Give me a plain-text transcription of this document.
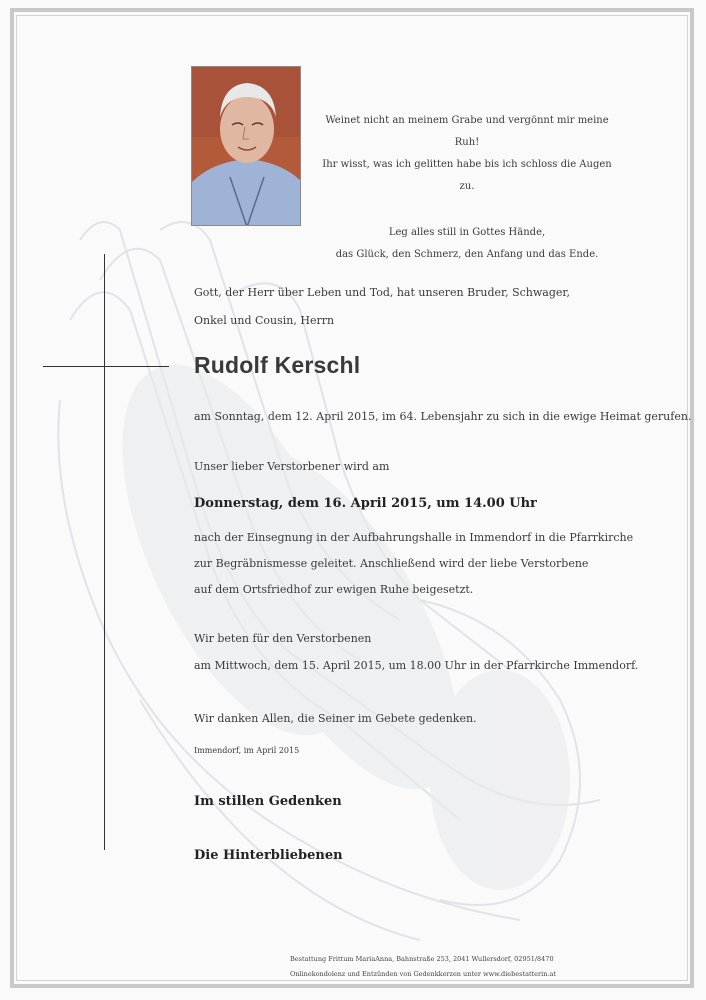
Weinet nicht an meinem Grabe und vergönnt mir meine Ruh!
Ihr wisst, was ich gelitten habe bis ich schloss die Augen zu.
Leg alles still in Gottes Hände,
das Glück, den Schmerz, den Anfang und das Ende.
Gott, der Herr über Leben und Tod, hat unseren Bruder, Schwager,
Onkel und Cousin, Herrn
Rudolf Kerschl
am Sonntag, dem 12. April 2015, im 64. Lebensjahr zu sich in die ewige Heimat gerufen.
Unser lieber Verstorbener wird am
Donnerstag, dem 16. April 2015, um 14.00 Uhr
nach der Einsegnung in der Aufbahrungshalle in Immendorf in die Pfarrkirche
zur Begräbnismesse geleitet. Anschließend wird der liebe Verstorbene
auf dem Ortsfriedhof zur ewigen Ruhe beigesetzt.
Wir beten für den Verstorbenen
am Mittwoch, dem 15. April 2015, um 18.00 Uhr in der Pfarrkirche Immendorf.
Wir danken Allen, die Seiner im Gebete gedenken.
Immendorf, im April 2015
Im stillen Gedenken
Die Hinterbliebenen
Bestattung Frittum MariaAnna, Bahnstraße 253, 2041 Wullersdorf, 02951/8470
Onlinekondolenz und Entzünden von Gedenkkerzen unter www.diebestatterin.at
